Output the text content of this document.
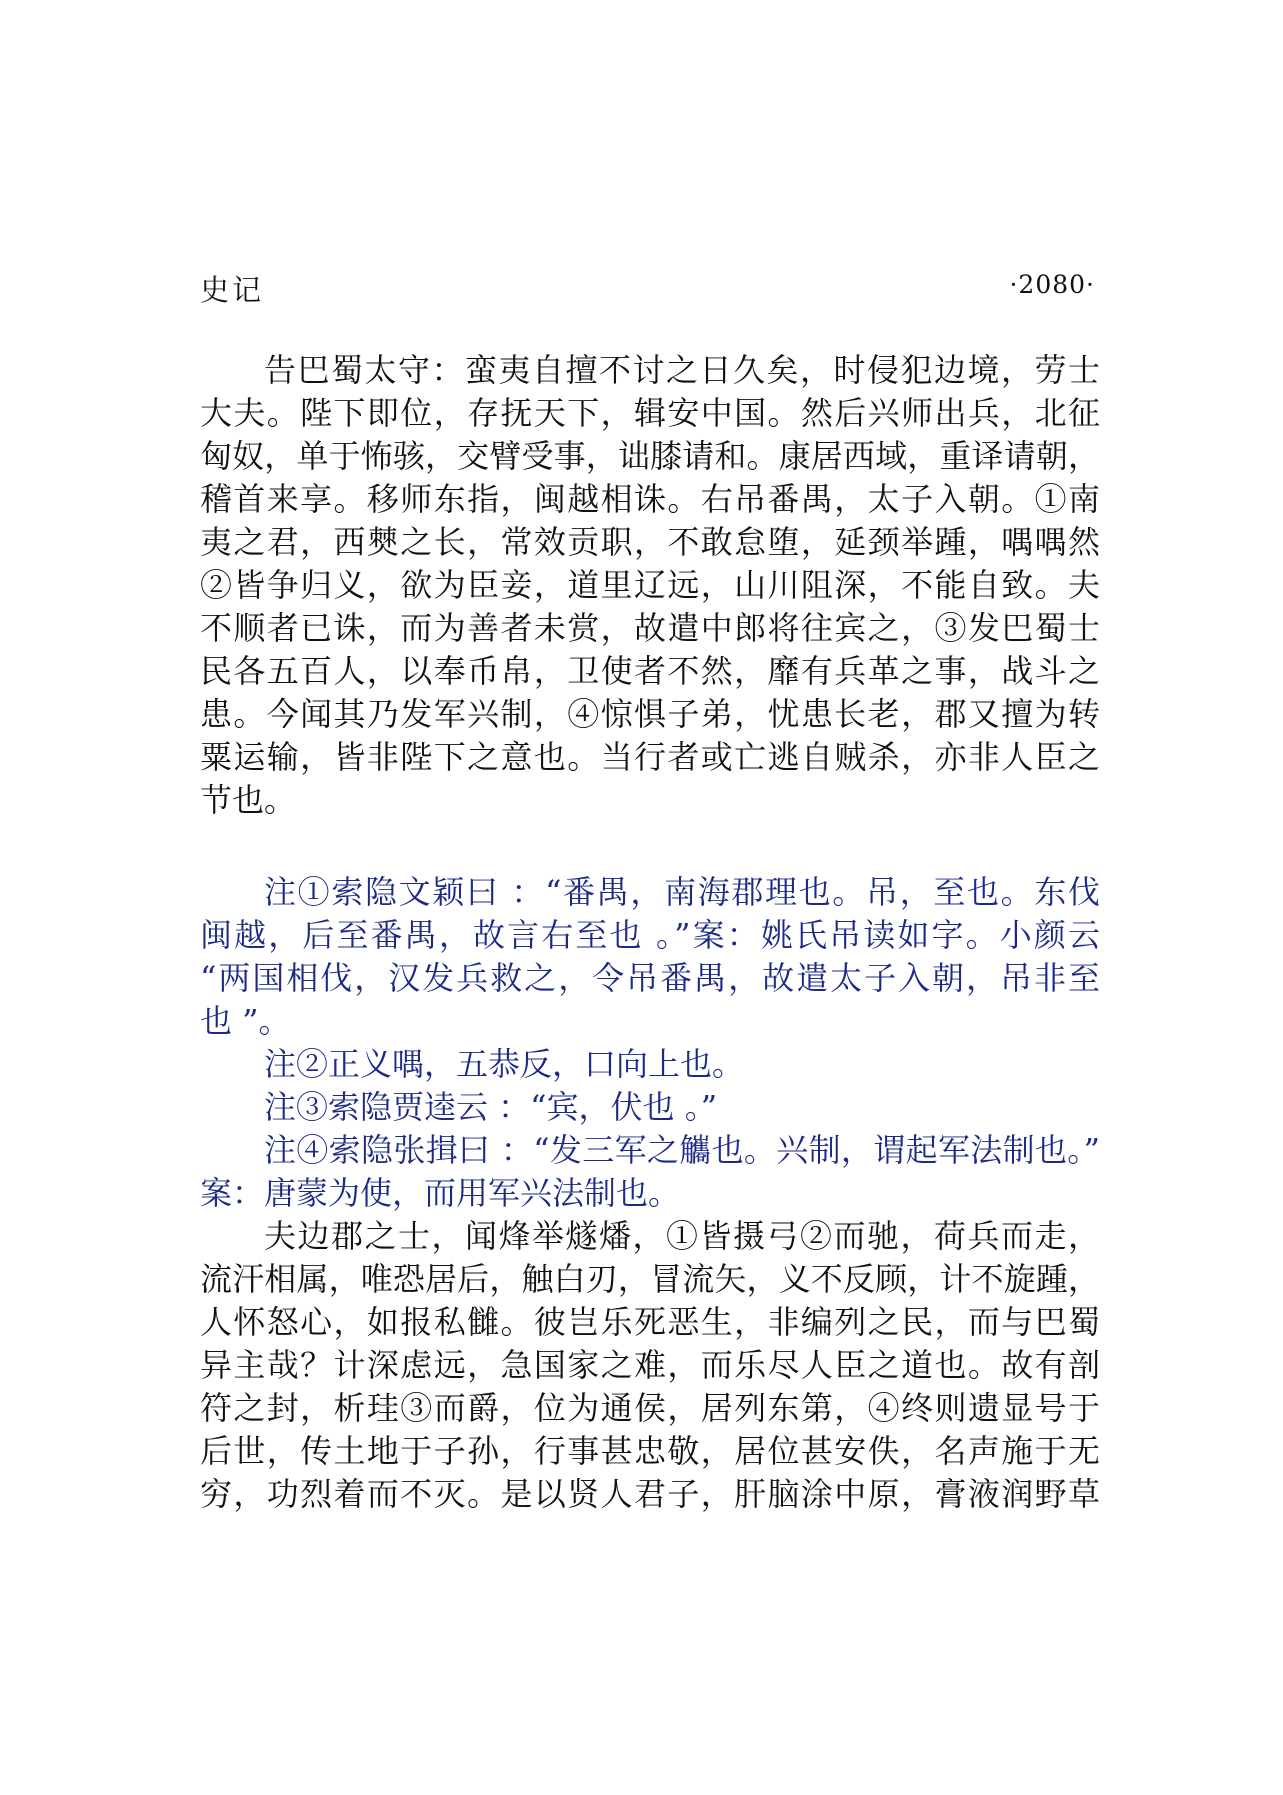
史记	·2080·
告巴蜀太守：蛮夷自擅不讨之日久矣，时侵犯边境，劳士
大夫。陛下即位，存抚天下，辑安中国。然后兴师出兵，北征
匈奴，单于怖骇，交臂受事，诎膝请和。康居西域，重译请朝，
稽首来享。移师东指，闽越相诛。右吊番禺，太子入朝。①南
夷之君，西僰之长，常效贡职，不敢怠堕，延颈举踵，喁喁然
②皆争归义，欲为臣妾，道里辽远，山川阻深，不能自致。夫
不顺者已诛，而为善者未赏，故遣中郎将往宾之，③发巴蜀士
民各五百人，以奉币帛，卫使者不然，靡有兵革之事，战斗之
患。今闻其乃发军兴制，④惊惧子弟，忧患长老，郡又擅为转
粟运输，皆非陛下之意也。当行者或亡逃自贼杀，亦非人臣之
节也。
注①索隐文颖曰 ：“番禺，南海郡理也。吊，至也。东伐
闽越，后至番禺，故言右至也 。”案：姚氏吊读如字。小颜云
“两国相伐，汉发兵救之，令吊番禺，故遣太子入朝，吊非至
也 ”。
注②正义喁，五恭反，口向上也。
注③索隐贾逵云 ：“宾，伏也 。”
注④索隐张揖曰 ：“发三军之觿也。兴制，谓起军法制也。”
案：唐蒙为使，而用军兴法制也。
夫边郡之士，闻烽举燧燔，①皆摄弓②而驰，荷兵而走，
流汗相属，唯恐居后，触白刃，冒流矢，义不反顾，计不旋踵，
人怀怒心，如报私雠。彼岂乐死恶生，非编列之民，而与巴蜀
异主哉？计深虑远，急国家之难，而乐尽人臣之道也。故有剖
符之封，析珪③而爵，位为通侯，居列东第，④终则遗显号于
后世，传土地于子孙，行事甚忠敬，居位甚安佚，名声施于无
穷，功烈着而不灭。是以贤人君子，肝脑涂中原，膏液润野草
